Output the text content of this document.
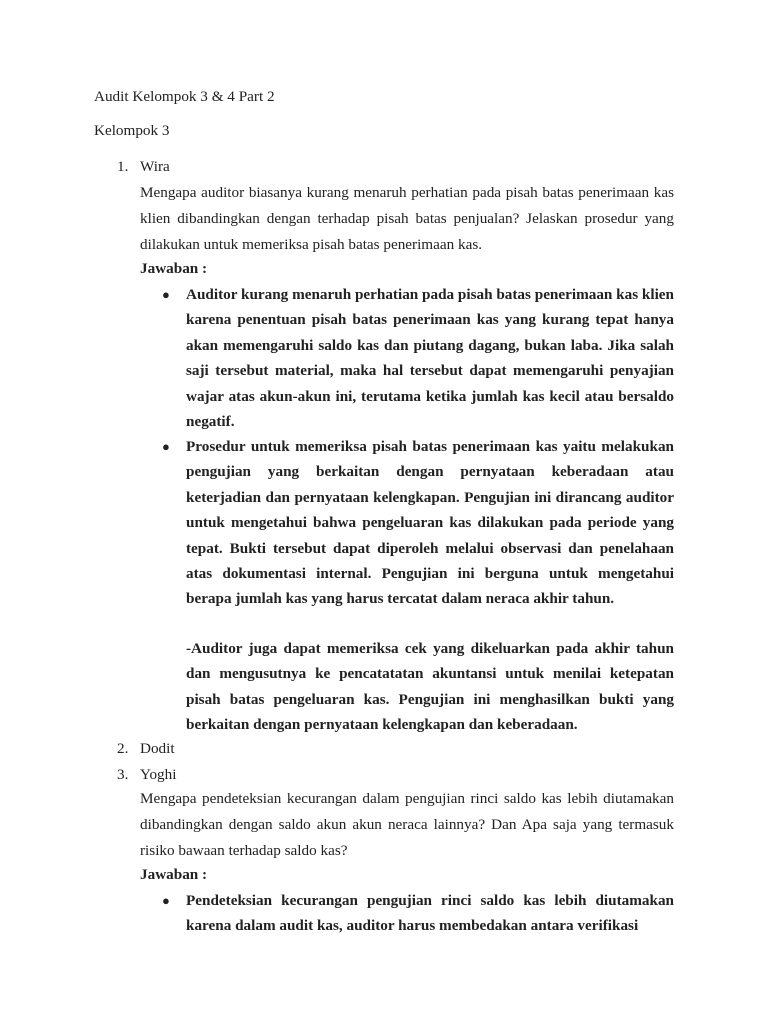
Audit Kelompok 3 & 4 Part 2
Kelompok 3
1. Wira
Mengapa auditor biasanya kurang menaruh perhatian pada pisah batas penerimaan kas klien dibandingkan dengan terhadap pisah batas penjualan? Jelaskan prosedur yang dilakukan untuk memeriksa pisah batas penerimaan kas.
Jawaban :
● Auditor kurang menaruh perhatian pada pisah batas penerimaan kas klien karena penentuan pisah batas penerimaan kas yang kurang tepat hanya akan memengaruhi saldo kas dan piutang dagang, bukan laba. Jika salah saji tersebut material, maka hal tersebut dapat memengaruhi penyajian wajar atas akun-akun ini, terutama ketika jumlah kas kecil atau bersaldo negatif.
● Prosedur untuk memeriksa pisah batas penerimaan kas yaitu melakukan pengujian yang berkaitan dengan pernyataan keberadaan atau keterjadian dan pernyataan kelengkapan. Pengujian ini dirancang auditor untuk mengetahui bahwa pengeluaran kas dilakukan pada periode yang tepat. Bukti tersebut dapat diperoleh melalui observasi dan penelahaan atas dokumentasi internal. Pengujian ini berguna untuk mengetahui berapa jumlah kas yang harus tercatat dalam neraca akhir tahun.
-Auditor juga dapat memeriksa cek yang dikeluarkan pada akhir tahun dan mengusutnya ke pencatatatan akuntansi untuk menilai ketepatan pisah batas pengeluaran kas. Pengujian ini menghasilkan bukti yang berkaitan dengan pernyataan kelengkapan dan keberadaan.
2. Dodit
3. Yoghi
Mengapa pendeteksian kecurangan dalam pengujian rinci saldo kas lebih diutamakan dibandingkan dengan saldo akun akun neraca lainnya? Dan Apa saja yang termasuk risiko bawaan terhadap saldo kas?
Jawaban :
● Pendeteksian kecurangan pengujian rinci saldo kas lebih diutamakan karena dalam audit kas, auditor harus membedakan antara verifikasi
